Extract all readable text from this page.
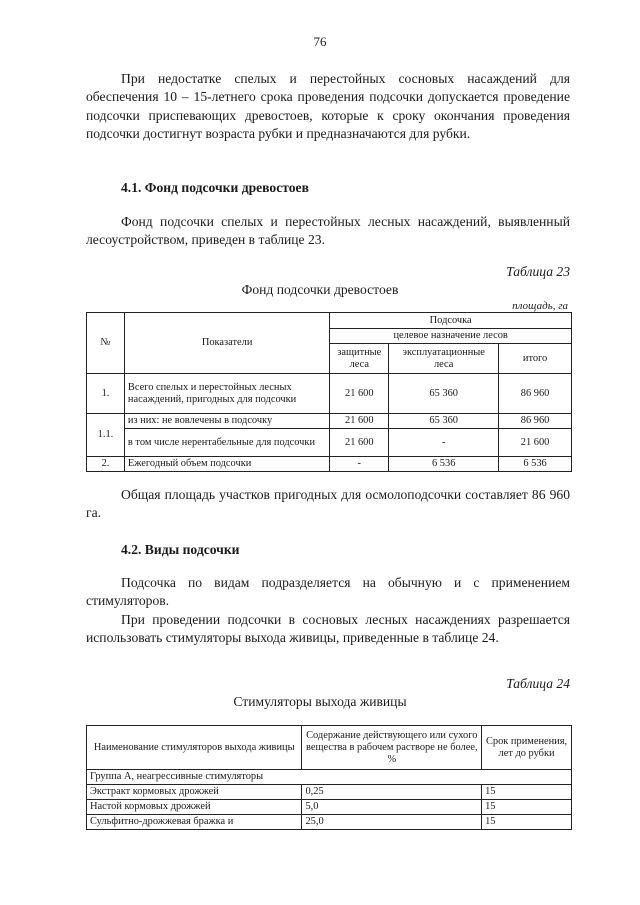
76

При недостатке спелых и перестойных сосновых насаждений для обеспечения 10 – 15-летнего срока проведения подсочки допускается проведение подсочки приспевающих древостоев, которые к сроку окончания проведения подсочки достигнут возраста рубки и предназначаются для рубки.

4.1. Фонд подсочки древостоев

Фонд подсочки спелых и перестойных лесных насаждений, выявленный лесоустройством, приведен в таблице 23.

Таблица 23
Фонд подсочки древостоев
площадь, га
№	Показатели	Подсочка		
		целевое назначение лесов		
		защитные леса	эксплуатационные леса	итого
1.	Всего спелых и перестойных лесных насаждений, пригодных для подсочки	21 600	65 360	86 960
1.1.	из них: не вовлечены в подсочку	21 600	65 360	86 960
	в том числе нерентабельные для подсочки	21 600	-	21 600
2.	Ежегодный объем подсочки	-	6 536	6 536

Общая площадь участков пригодных для осмолоподсочки составляет 86 960 га.

4.2. Виды подсочки

Подсочка по видам подразделяется на обычную и с применением стимуляторов.

При проведении подсочки в сосновых лесных насаждениях разрешается использовать стимуляторы выхода живицы, приведенные в таблице 24.

Таблица 24
Стимуляторы выхода живицы
Наименование стимуляторов выхода живицы	Содержание действующего или сухого вещества в рабочем растворе не более, %	Срок применения, лет до рубки
Группа А, неагрессивные стимуляторы		
Экстракт кормовых дрожжей	0,25	15
Настой кормовых дрожжей	5,0	15
Сульфитно-дрожжевая бражка и	25,0	15
